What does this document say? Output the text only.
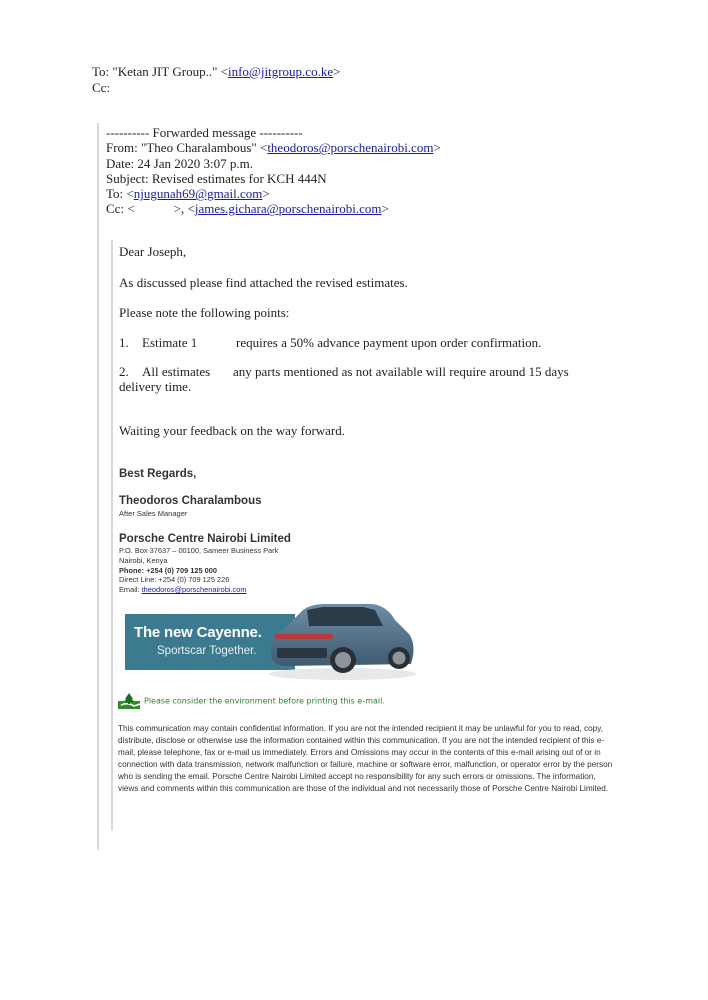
To: "Ketan JIT Group.." <info@jitgroup.co.ke>
Cc:
---------- Forwarded message ----------
From: "Theo Charalambous" <theodoros@porschenairobi.com>
Date: 24 Jan 2020 3:07 p.m.
Subject: Revised estimates for KCH 444N
To: <njugunah69@gmail.com>
Cc: <            >, <james.gichara@porschenairobi.com>

Dear Joseph,

As discussed please find attached the revised estimates.

Please note the following points:

1. Estimate 1	requires a 50% advance payment upon order confirmation.

2. All estimates any parts mentioned as not available will require around 15 days delivery time.

Waiting your feedback on the way forward.

Best Regards,
Theodoros Charalambous
After Sales Manager
Porsche Centre Nairobi Limited
P.O. Box 37637 – 00100, Sameer Business Park
Nairobi, Kenya
Phone: +254 (0) 709 125 000
Direct Line: +254 (0) 709 125 226
Email: theodoros@porschenairobi.com
The new Cayenne.
Sportscar Together.
Please consider the environment before printing this e-mail.
This communication may contain confidential information. If you are not the intended recipient it may be unlawful for you to read, copy, distribute, disclose or otherwise use the information contained within this communication. If you are not the intended recipient of this e-mail, please telephone, fax or e-mail us immediately. Errors and Omissions may occur in the contents of this e-mail arising out of or in connection with data transmission, network malfunction or failure, machine or software error, malfunction, or operator error by the person who is sending the email. Porsche Centre Nairobi Limited accept no responsibility for any such errors or omissions. The information, views and comments within this communication are those of the individual and not necessarily those of Porsche Centre Nairobi Limited.
